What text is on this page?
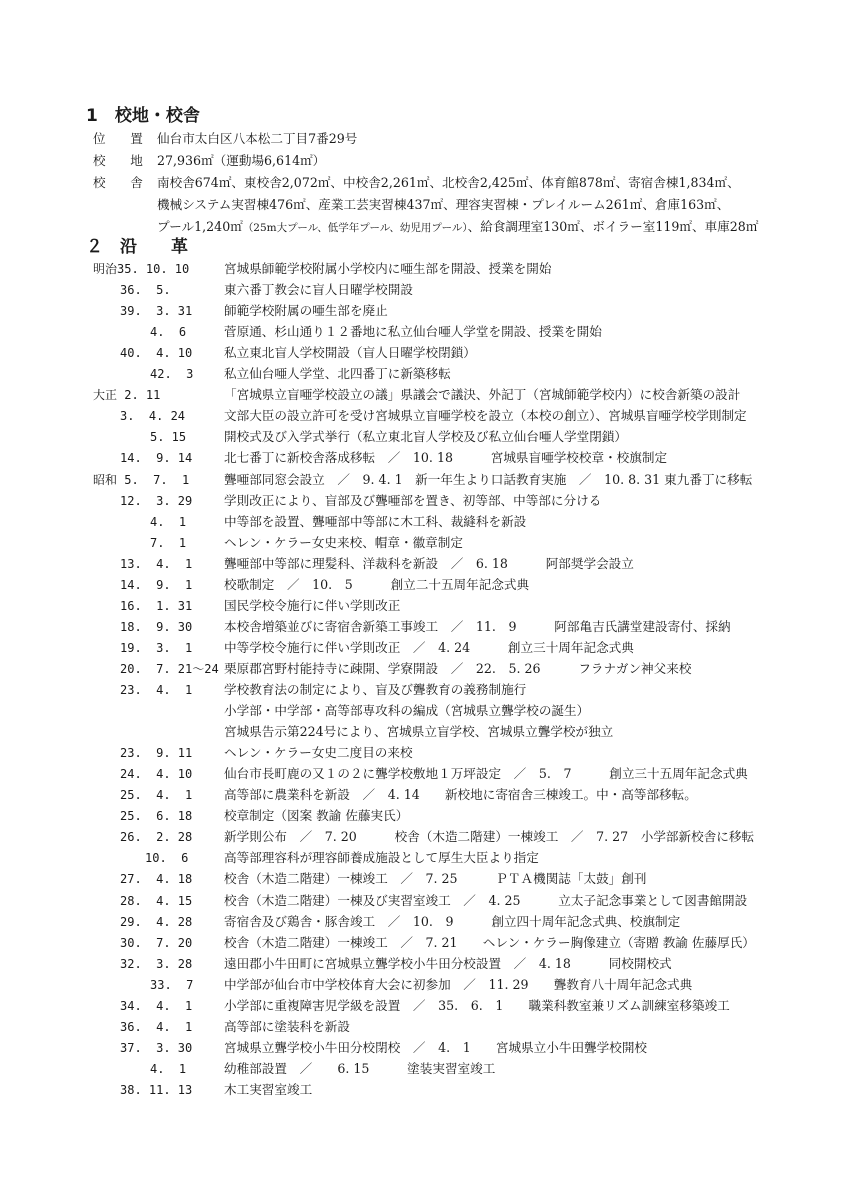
1　校地・校舎
位　置 仙台市太白区八本松二丁目7番29号
校　地 27,936㎡（運動場6,614㎡）
校　舎 南校舎674㎡、東校舎2,072㎡、中校舎2,261㎡、北校舎2,425㎡、体育館878㎡、寄宿舎棟1,834㎡、
機械システム実習棟476㎡、産業工芸実習棟437㎡、理容実習棟・プレイルーム261㎡、倉庫163㎡、
プール1,240㎡（25m大プール、低学年プール、幼児用プール）、給食調理室130㎡、ボイラー室119㎡、車庫28㎡
２　沿　　革
明治35. 10. 10	宮城県師範学校附属小学校内に唖生部を開設、授業を開始
36.  5.	東六番丁教会に盲人日曜学校開設
39.  3. 31	師範学校附属の唖生部を廃止
4.  6	菅原通、杉山通り１２番地に私立仙台唖人学堂を開設、授業を開始
40.  4. 10	私立東北盲人学校開設（盲人日曜学校閉鎖）
42.  3 私立仙台唖人学堂、北四番丁に新築移転
大正 2. 11	「宮城県立盲唖学校設立の議」県議会で議決、外記丁（宮城師範学校内）に校舎新築の設計
3.  4. 24	文部大臣の設立許可を受け宮城県立盲唖学校を設立（本校の創立）、宮城県盲唖学校学則制定
5. 15	開校式及び入学式挙行（私立東北盲人学校及び私立仙台唖人学堂閉鎖）
14.  9. 14	北七番丁に新校舎落成移転　／　10. 18　　　宮城県盲唖学校校章・校旗制定
昭和 5.  7.  1	聾唖部同窓会設立　／　9. 4. 1　新一年生より口話教育実施　／　10. 8. 31 東九番丁に移転
12.  3. 29	学則改正により、盲部及び聾唖部を置き、初等部、中等部に分ける
4.  1	中等部を設置、聾唖部中等部に木工科、裁縫科を新設
7.  1	ヘレン・ケラー女史来校、帽章・徽章制定
13.  4.  1	聾唖部中等部に理髪科、洋裁科を新設　／　6. 18　　　阿部奨学会設立
14.  9.  1	校歌制定　／　10.　5　　　創立二十五周年記念式典
16.  1. 31	国民学校令施行に伴い学則改正
18.  9. 30	本校舎増築並びに寄宿舎新築工事竣工　／　11.　9　　　阿部亀吉氏講堂建設寄付、採納
19.  3.  1	中等学校令施行に伴い学則改正　／　4. 24　　　創立三十周年記念式典
20.  7. 21～24 栗原郡宮野村能持寺に疎開、学寮開設　／　22.　5. 26　　　フラナガン神父来校
23.  4.  1	学校教育法の制定により、盲及び聾教育の義務制施行
小学部・中学部・高等部専攻科の編成（宮城県立聾学校の誕生）
宮城県告示第224号により、宮城県立盲学校、宮城県立聾学校が独立
23.  9. 11	ヘレン・ケラー女史二度目の来校
24.  4. 10	仙台市長町鹿の又１の２に聾学校敷地１万坪設定　／　5.　7　　　創立三十五周年記念式典
25.  4.  1	高等部に農業科を新設　／　4. 14　　新校地に寄宿舎三棟竣工。中・高等部移転。
25.  6. 18	校章制定（図案 教諭 佐藤実氏）
26.  2. 28	新学則公布　／　7. 20　　　校舎（木造二階建）一棟竣工　／　7. 27　小学部新校舎に移転
10.  6	高等部理容科が理容師養成施設として厚生大臣より指定
27.  4. 18	校舎（木造二階建）一棟竣工　／　7. 25　　　ＰＴＡ機関誌「太鼓」創刊
28.  4. 15	校舎（木造二階建）一棟及び実習室竣工　／　4. 25　　　立太子記念事業として図書館開設
29.  4. 28	寄宿舎及び鶏舎・豚舎竣工　／　10.　9　　　創立四十周年記念式典、校旗制定
30.  7. 20	校舎（木造二階建）一棟竣工　／　7. 21　　ヘレン・ケラー胸像建立（寄贈 教諭 佐藤厚氏）
32.  3. 28	遠田郡小牛田町に宮城県立聾学校小牛田分校設置　／　4. 18　　　同校開校式
33.  7 中学部が仙台市中学校体育大会に初参加　／　11. 29　　聾教育八十周年記念式典
34.  4.  1	小学部に重複障害児学級を設置　／　35.　6.　1　　職業科教室兼リズム訓練室移築竣工
36.  4.  1	高等部に塗装科を新設
37.  3. 30	宮城県立聾学校小牛田分校閉校　／　4.　1　　宮城県立小牛田聾学校開校
4.  1	幼稚部設置　／　　6. 15　　　塗装実習室竣工
38. 11. 13	木工実習室竣工
